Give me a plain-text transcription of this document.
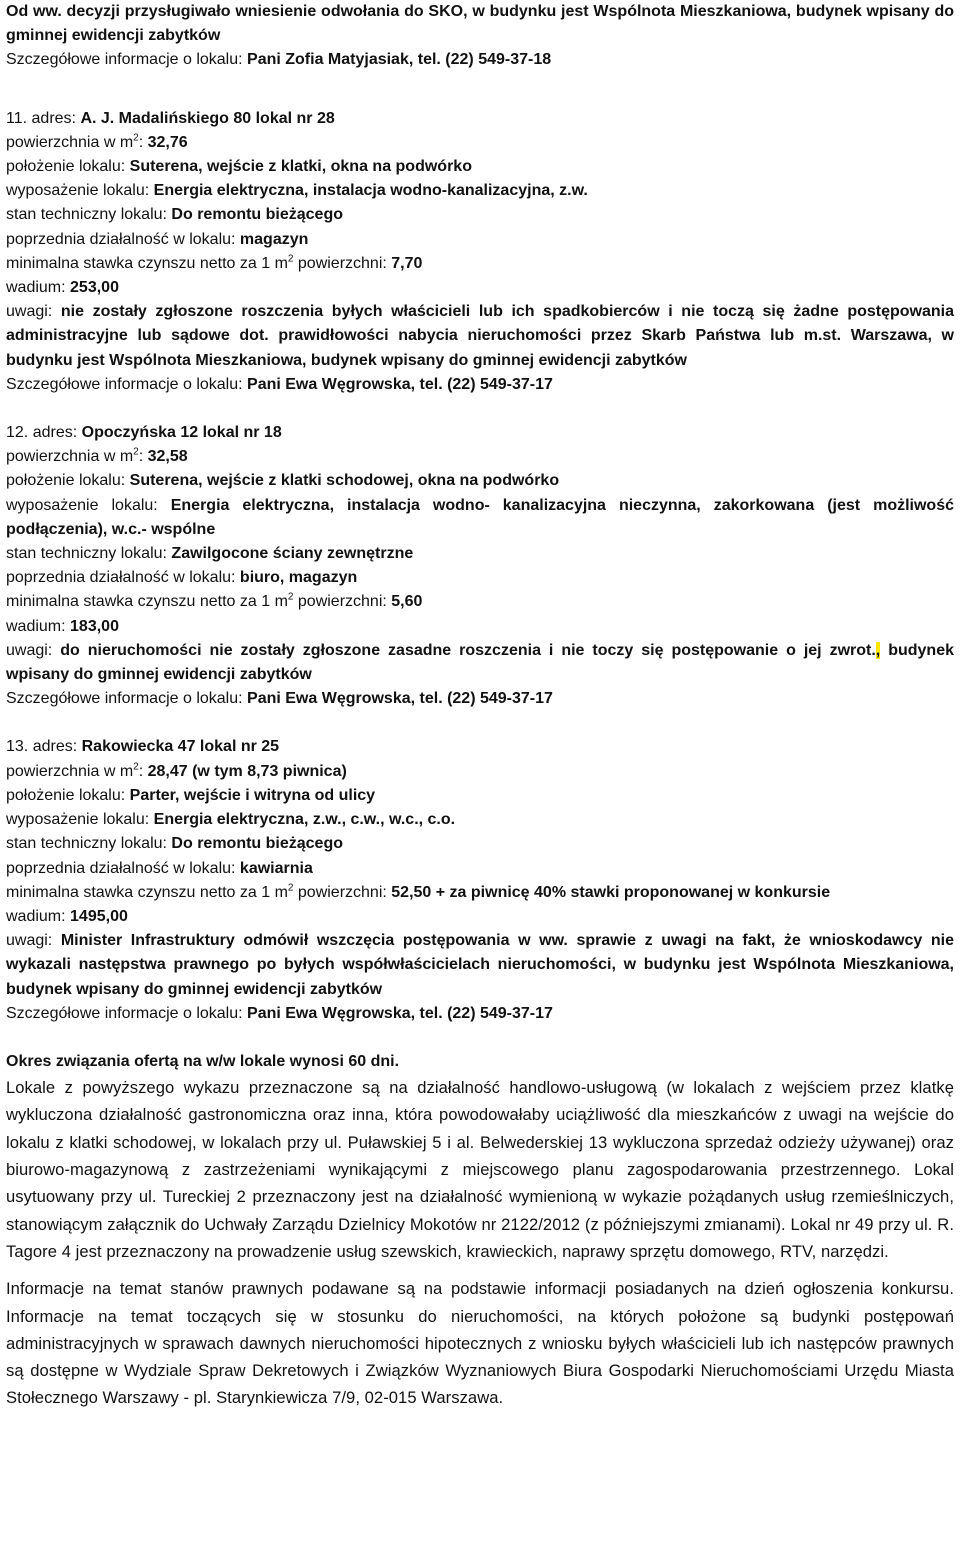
Od ww. decyzji przysługiwało wniesienie odwołania do SKO, w budynku jest Wspólnota Mieszkaniowa, budynek wpisany do gminnej ewidencji zabytków
Szczegółowe informacje o lokalu: Pani Zofia Matyjasiak, tel. (22) 549-37-18
11. adres: A. J. Madalińskiego 80 lokal nr 28
powierzchnia w $m^2$: 32,76
położenie lokalu: Suterena, wejście z klatki, okna na podwórko
wyposażenie lokalu: Energia elektryczna, instalacja wodno-kanalizacyjna, z.w.
stan techniczny lokalu: Do remontu bieżącego
poprzednia działalność w lokalu: magazyn
minimalna stawka czynszu netto za 1 $m^2$ powierzchni: 7,70
wadium: 253,00
uwagi: nie zostały zgłoszone roszczenia byłych właścicieli lub ich spadkobierców i nie toczą się żadne postępowania administracyjne lub sądowe dot. prawidłowości nabycia nieruchomości przez Skarb Państwa lub m.st. Warszawa, w budynku jest Wspólnota Mieszkaniowa, budynek wpisany do gminnej ewidencji zabytków
Szczegółowe informacje o lokalu: Pani Ewa Węgrowska, tel. (22) 549-37-17
12. adres: Opoczyńska 12 lokal nr 18
powierzchnia w $m^2$: 32,58
położenie lokalu: Suterena, wejście z klatki schodowej, okna na podwórko
wyposażenie lokalu: Energia elektryczna, instalacja wodno- kanalizacyjna nieczynna, zakorkowana (jest możliwość podłączenia), w.c.- wspólne
stan techniczny lokalu: Zawilgocone ściany zewnętrzne
poprzednia działalność w lokalu: biuro, magazyn
minimalna stawka czynszu netto za 1 $m^2$ powierzchni: 5,60
wadium: 183,00
uwagi: do nieruchomości nie zostały zgłoszone zasadne roszczenia i nie toczy się postępowanie o jej zwrot., budynek wpisany do gminnej ewidencji zabytków
Szczegółowe informacje o lokalu: Pani Ewa Węgrowska, tel. (22) 549-37-17
13. adres: Rakowiecka 47 lokal nr 25
powierzchnia w $m^2$: 28,47 (w tym 8,73 piwnica)
położenie lokalu: Parter, wejście i witryna od ulicy
wyposażenie lokalu: Energia elektryczna, z.w., c.w., w.c., c.o.
stan techniczny lokalu: Do remontu bieżącego
poprzednia działalność w lokalu: kawiarnia
minimalna stawka czynszu netto za 1 $m^2$ powierzchni: 52,50 + za piwnicę 40% stawki proponowanej w konkursie
wadium: 1495,00
uwagi: Minister Infrastruktury odmówił wszczęcia postępowania w ww. sprawie z uwagi na fakt, że wnioskodawcy nie wykazali następstwa prawnego po byłych współwłaścicielach nieruchomości, w budynku jest Wspólnota Mieszkaniowa, budynek wpisany do gminnej ewidencji zabytków
Szczegółowe informacje o lokalu: Pani Ewa Węgrowska, tel. (22) 549-37-17
Okres związania ofertą na w/w lokale wynosi 60 dni.
Lokale z powyższego wykazu przeznaczone są na działalność handlowo-usługową (w lokalach z wejściem przez klatkę wykluczona działalność gastronomiczna oraz inna, która powodowałaby uciążliwość dla mieszkańców z uwagi na wejście do lokalu z klatki schodowej, w lokalach przy ul. Puławskiej 5 i al. Belwederskiej 13 wykluczona sprzedaż odzieży używanej) oraz biurowo-magazynową z zastrzeżeniami wynikającymi z miejscowego planu zagospodarowania przestrzennego. Lokal usytuowany przy ul. Tureckiej 2 przeznaczony jest na działalność wymienioną w wykazie pożądanych usług rzemieślniczych, stanowiącym załącznik do Uchwały Zarządu Dzielnicy Mokotów nr 2122/2012 (z późniejszymi zmianami). Lokal nr 49 przy ul. R. Tagore 4 jest przeznaczony na prowadzenie usług szewskich, krawieckich, naprawy sprzętu domowego, RTV, narzędzi.
Informacje na temat stanów prawnych podawane są na podstawie informacji posiadanych na dzień ogłoszenia konkursu. Informacje na temat toczących się w stosunku do nieruchomości, na których położone są budynki postępowań administracyjnych w sprawach dawnych nieruchomości hipotecznych z wniosku byłych właścicieli lub ich następców prawnych są dostępne w Wydziale Spraw Dekretowych i Związków Wyznaniowych Biura Gospodarki Nieruchomościami Urzędu Miasta Stołecznego Warszawy - pl. Starynkiewicza 7/9, 02-015 Warszawa.
